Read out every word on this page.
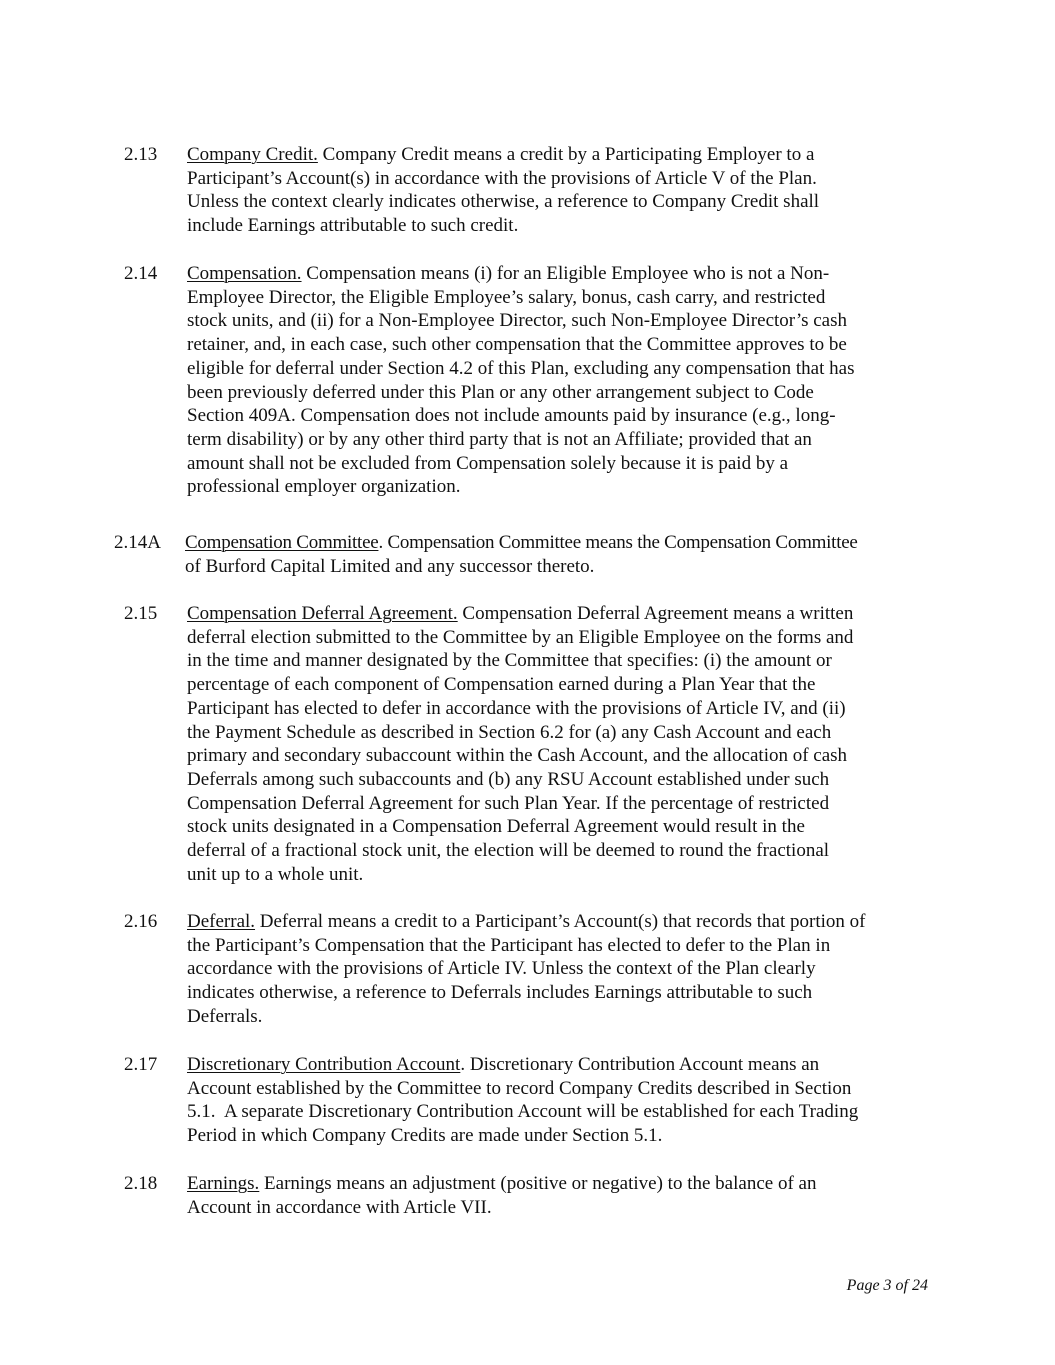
2.13 Company Credit. Company Credit means a credit by a Participating Employer to a
Participant’s Account(s) in accordance with the provisions of Article V of the Plan.
Unless the context clearly indicates otherwise, a reference to Company Credit shall
include Earnings attributable to such credit.
2.14 Compensation. Compensation means (i) for an Eligible Employee who is not a Non-
Employee Director, the Eligible Employee’s salary, bonus, cash carry, and restricted
stock units, and (ii) for a Non-Employee Director, such Non-Employee Director’s cash
retainer, and, in each case, such other compensation that the Committee approves to be
eligible for deferral under Section 4.2 of this Plan, excluding any compensation that has
been previously deferred under this Plan or any other arrangement subject to Code
Section 409A. Compensation does not include amounts paid by insurance (e.g., long-
term disability) or by any other third party that is not an Affiliate; provided that an
amount shall not be excluded from Compensation solely because it is paid by a
professional employer organization.
2.14A Compensation Committee. Compensation Committee means the Compensation Committee
of Burford Capital Limited and any successor thereto.
2.15 Compensation Deferral Agreement. Compensation Deferral Agreement means a written
deferral election submitted to the Committee by an Eligible Employee on the forms and
in the time and manner designated by the Committee that specifies: (i) the amount or
percentage of each component of Compensation earned during a Plan Year that the
Participant has elected to defer in accordance with the provisions of Article IV, and (ii)
the Payment Schedule as described in Section 6.2 for (a) any Cash Account and each
primary and secondary subaccount within the Cash Account, and the allocation of cash
Deferrals among such subaccounts and (b) any RSU Account established under such
Compensation Deferral Agreement for such Plan Year. If the percentage of restricted
stock units designated in a Compensation Deferral Agreement would result in the
deferral of a fractional stock unit, the election will be deemed to round the fractional
unit up to a whole unit.
2.16 Deferral. Deferral means a credit to a Participant’s Account(s) that records that portion of
the Participant’s Compensation that the Participant has elected to defer to the Plan in
accordance with the provisions of Article IV. Unless the context of the Plan clearly
indicates otherwise, a reference to Deferrals includes Earnings attributable to such
Deferrals.
2.17 Discretionary Contribution Account. Discretionary Contribution Account means an
Account established by the Committee to record Company Credits described in Section
5.1.  A separate Discretionary Contribution Account will be established for each Trading
Period in which Company Credits are made under Section 5.1.
2.18 Earnings. Earnings means an adjustment (positive or negative) to the balance of an
Account in accordance with Article VII.
Page 3 of 24
